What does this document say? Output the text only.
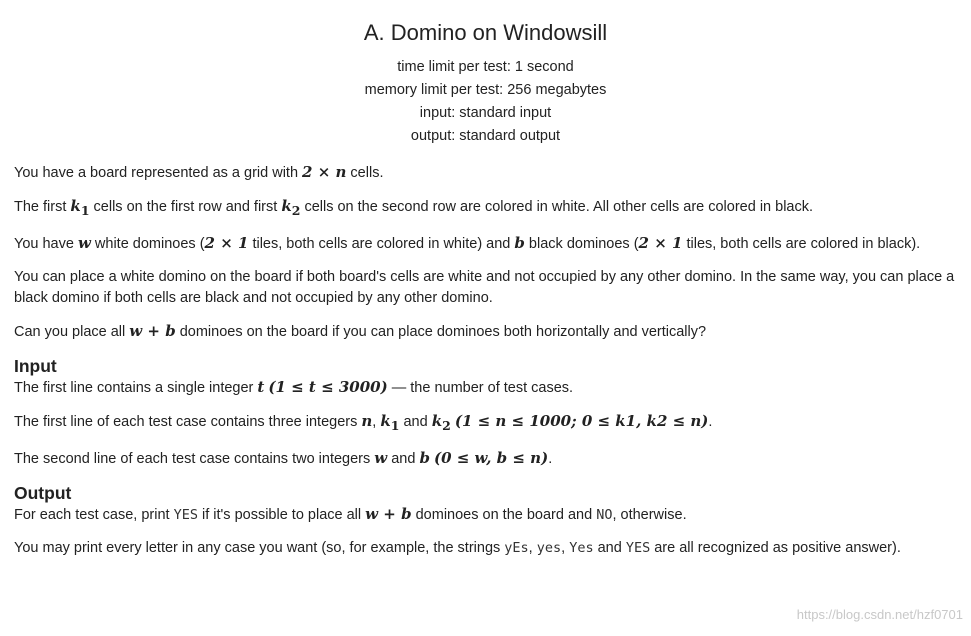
A. Domino on Windowsill
time limit per test: 1 second
memory limit per test: 256 megabytes
input: standard input
output: standard output

You have a board represented as a grid with 2 × n cells.

The first $k_1$ cells on the first row and first $k_2$ cells on the second row are colored in white. All other cells are colored in black.

You have w white dominoes (2 × 1 tiles, both cells are colored in white) and b black dominoes (2 × 1 tiles, both cells are colored in black).

You can place a white domino on the board if both board's cells are white and not occupied by any other domino. In the same way, you can place a black domino if both cells are black and not occupied by any other domino.

Can you place all w + b dominoes on the board if you can place dominoes both horizontally and vertically?

Input

The first line contains a single integer t (1 ≤ t ≤ 3000) — the number of test cases.

The first line of each test case contains three integers n, $k_1$ and $k_2$ (1 ≤ n ≤ 1000; 0 ≤ k1, k2 ≤ n).

The second line of each test case contains two integers w and b (0 ≤ w, b ≤ n).

Output

For each test case, print YES if it's possible to place all w + b dominoes on the board and NO, otherwise.

You may print every letter in any case you want (so, for example, the strings yEs, yes, Yes and YES are all recognized as positive answer).

https://blog.csdn.net/hzf0701
